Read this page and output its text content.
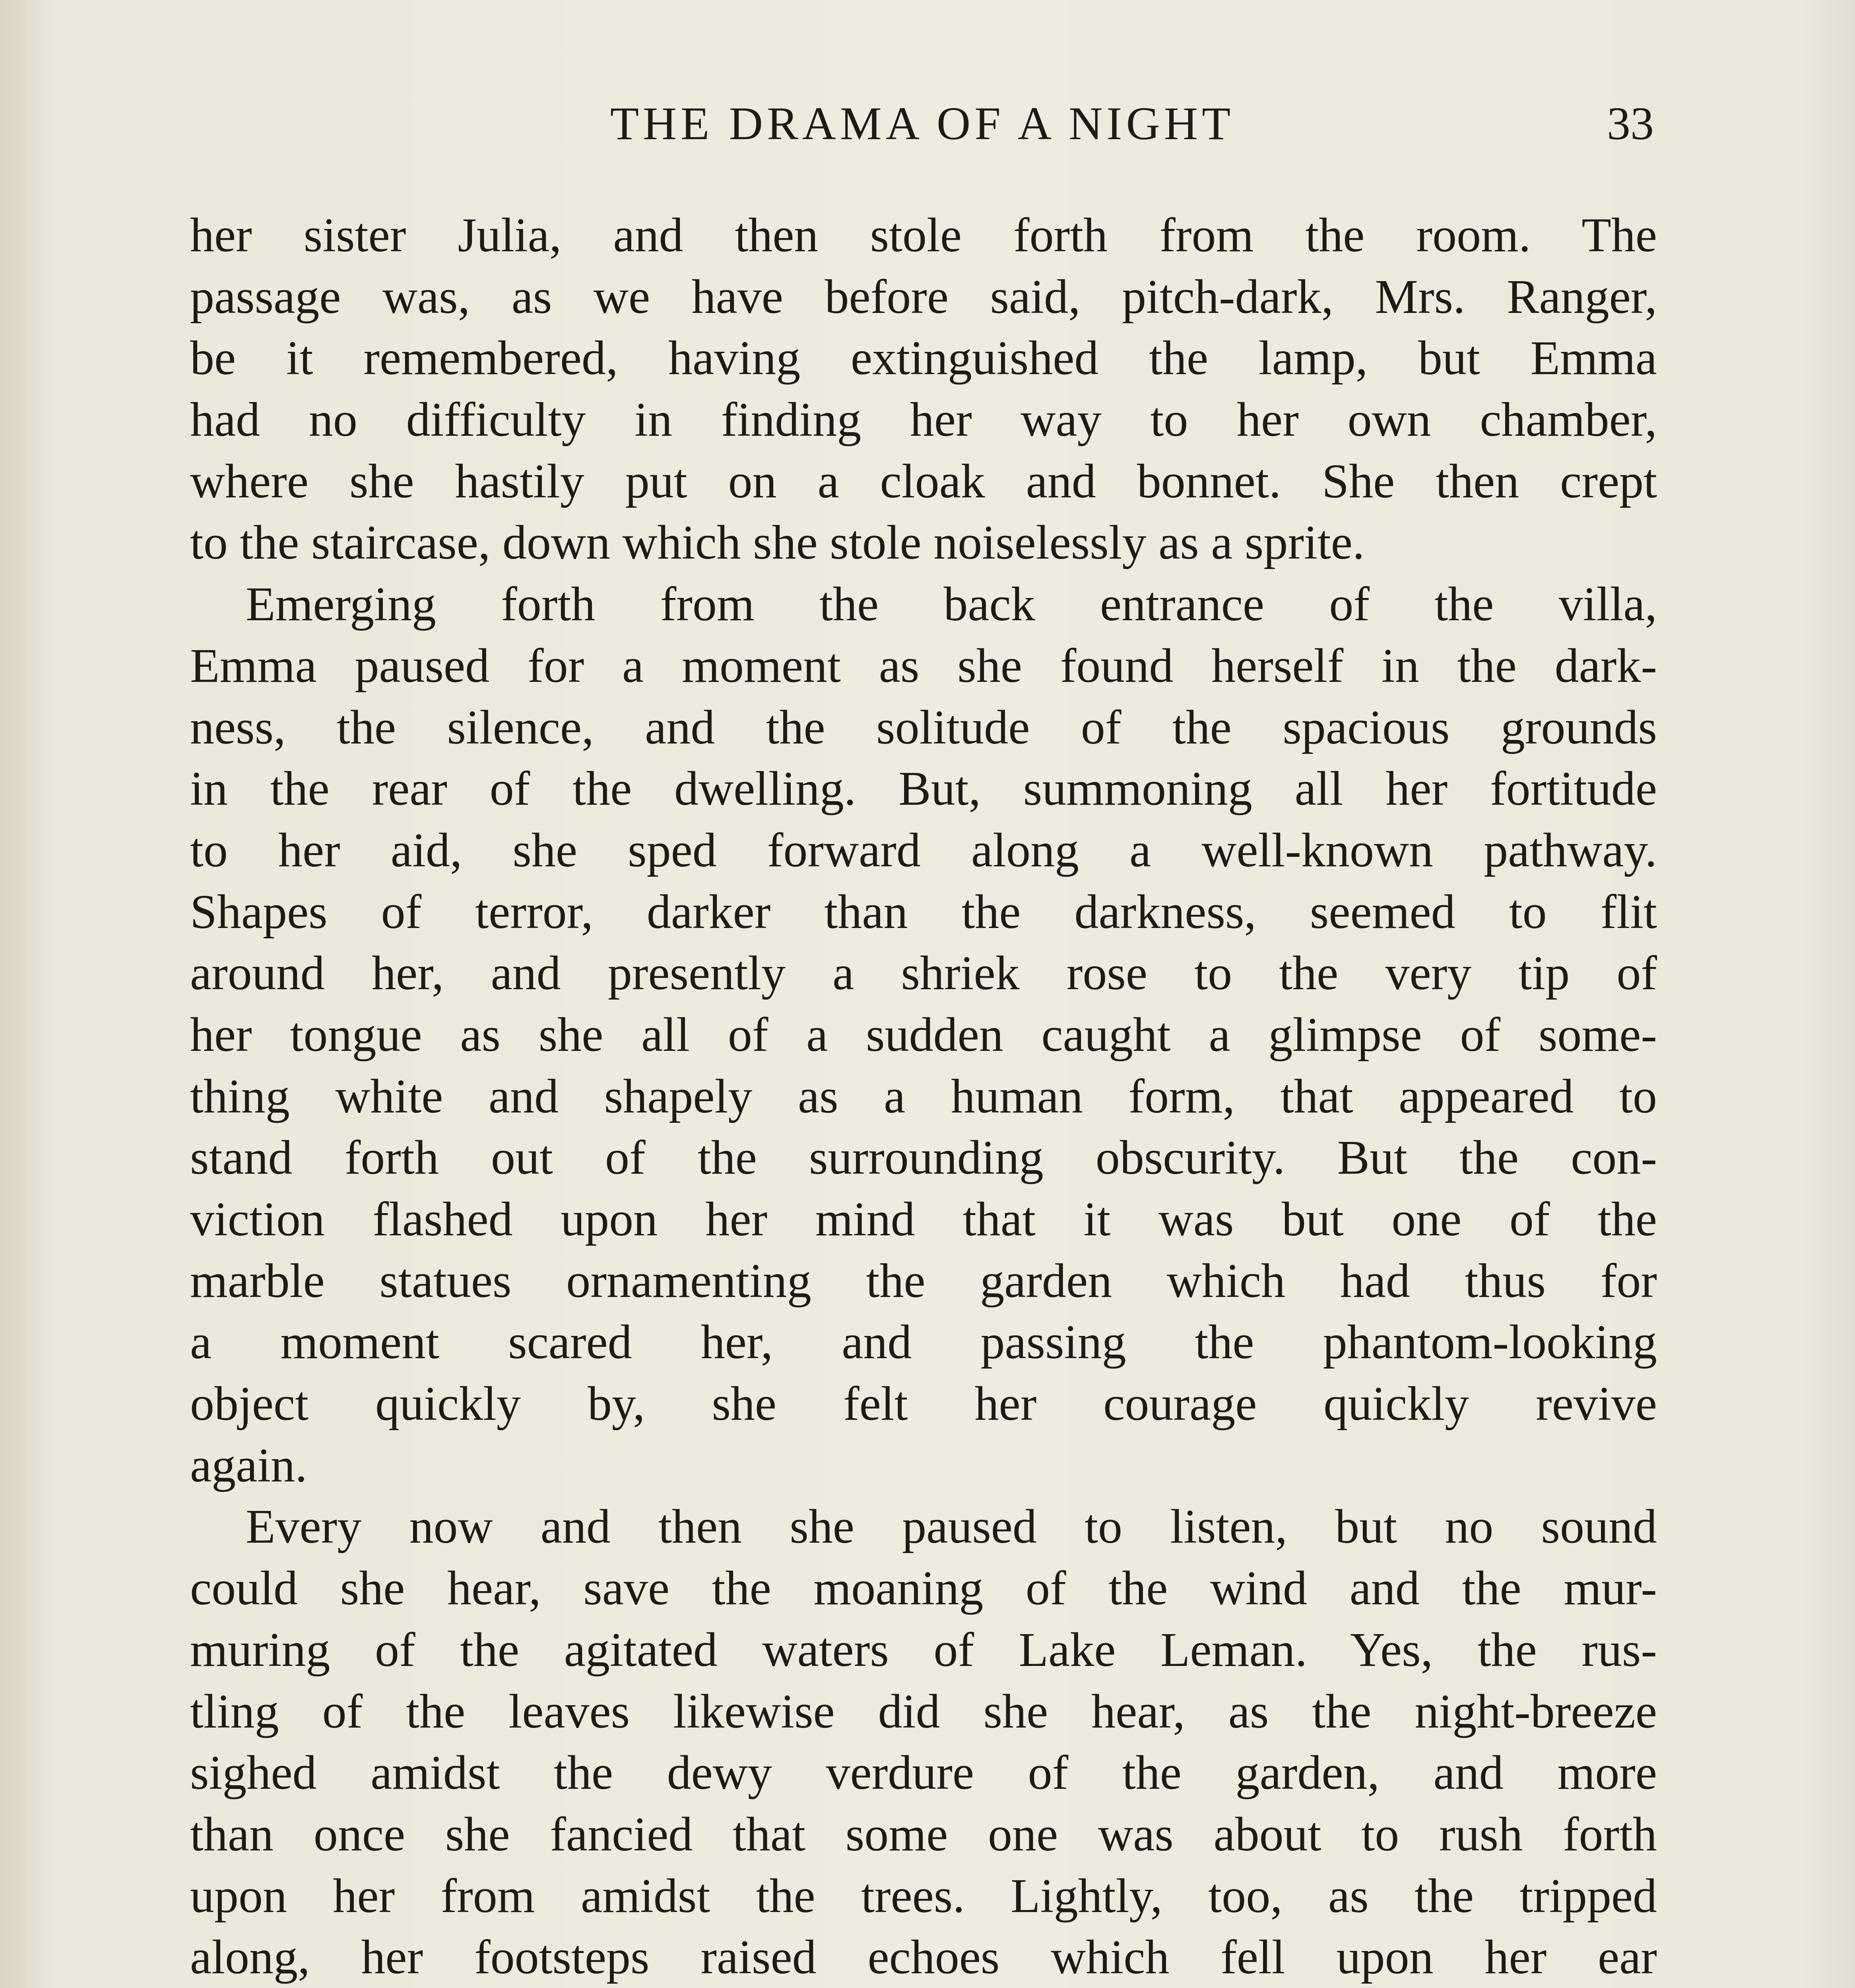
THE DRAMA OF A NIGHT	33
her sister Julia, and then stole forth from the room. The
passage was, as we have before said, pitch-dark, Mrs. Ranger,
be it remembered, having extinguished the lamp, but Emma
had no difficulty in finding her way to her own chamber,
where she hastily put on a cloak and bonnet. She then crept
to the staircase, down which she stole noiselessly as a sprite.
Emerging forth from the back entrance of the villa,
Emma paused for a moment as she found herself in the dark-
ness, the silence, and the solitude of the spacious grounds
in the rear of the dwelling. But, summoning all her fortitude
to her aid, she sped forward along a well-known pathway.
Shapes of terror, darker than the darkness, seemed to flit
around her, and presently a shriek rose to the very tip of
her tongue as she all of a sudden caught a glimpse of some-
thing white and shapely as a human form, that appeared to
stand forth out of the surrounding obscurity. But the con-
viction flashed upon her mind that it was but one of the
marble statues ornamenting the garden which had thus for
a moment scared her, and passing the phantom-looking
object quickly by, she felt her courage quickly revive
again.
Every now and then she paused to listen, but no sound
could she hear, save the moaning of the wind and the mur-
muring of the agitated waters of Lake Leman. Yes, the rus-
tling of the leaves likewise did she hear, as the night-breeze
sighed amidst the dewy verdure of the garden, and more
than once she fancied that some one was about to rush forth
upon her from amidst the trees. Lightly, too, as the tripped
along, her footsteps raised echoes which fell upon her ear
